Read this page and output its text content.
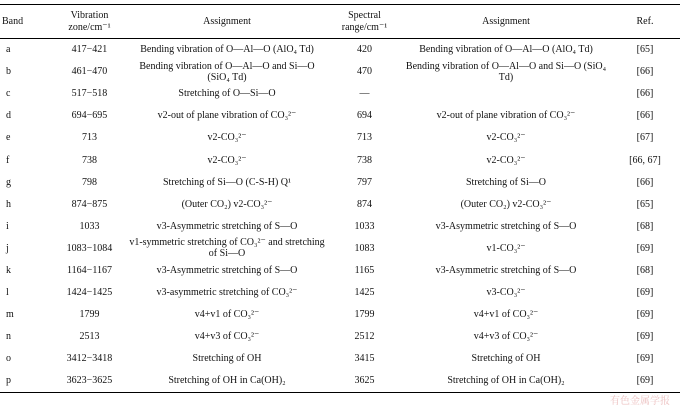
Band	Vibration zone/cm⁻¹	Assignment	Spectral range/cm⁻¹	Assignment	Ref.
a	417−421	Bending vibration of O—Al—O (AlO₄ Td)	420	Bending vibration of O—Al—O (AlO₄ Td)	[65]
b	461−470	Bending vibration of O—Al—O and Si—O (SiO₄ Td)	470	Bending vibration of O—Al—O and Si—O (SiO₄ Td)	[66]
c	517−518	Stretching of O—Si—O	—		[66]
d	694−695	v2-out of plane vibration of CO₃²⁻	694	v2-out of plane vibration of CO₃²⁻	[66]
e	713	v2-CO₃²⁻	713	v2-CO₃²⁻	[67]
f	738	v2-CO₃²⁻	738	v2-CO₃²⁻	[66, 67]
g	798	Stretching of Si—O (C-S-H) Q¹	797	Stretching of Si—O	[66]
h	874−875	(Outer CO₂) v2-CO₃²⁻	874	(Outer CO₂) v2-CO₃²⁻	[65]
i	1033	v3-Asymmetric stretching of S—O	1033	v3-Asymmetric stretching of S—O	[68]
j	1083−1084	v1-symmetric stretching of CO₃²⁻ and stretching of Si—O	1083	v1-CO₃²⁻	[69]
k	1164−1167	v3-Asymmetric stretching of S—O	1165	v3-Asymmetric stretching of S—O	[68]
l	1424−1425	v3-asymmetric stretching of CO₃²⁻	1425	v3-CO₃²⁻	[69]
m	1799	v4+v1 of CO₃²⁻	1799	v4+v1 of CO₃²⁻	[69]
n	2513	v4+v3 of CO₃²⁻	2512	v4+v3 of CO₃²⁻	[69]
o	3412−3418	Stretching of OH	3415	Stretching of OH	[69]
p	3623−3625	Stretching of OH in Ca(OH)₂	3625	Stretching of OH in Ca(OH)₂	[69]
有色金属学报
